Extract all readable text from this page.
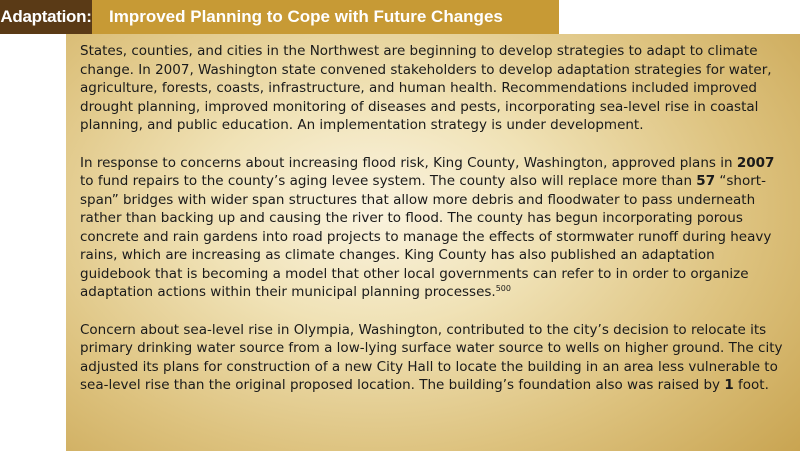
Adaptation:	Improved Planning to Cope with Future Changes

States, counties, and cities in the Northwest are beginning to develop strategies to adapt to climate change. In 2007, Washington state convened stakeholders to develop adaptation strategies for water, agriculture, forests, coasts, infrastructure, and human health. Recommendations included improved drought planning, improved monitoring of diseases and pests, incorporating sea-level rise in coastal planning, and public education. An implementation strategy is under development.

In response to concerns about increasing flood risk, King County, Washington, approved plans in 2007 to fund repairs to the county’s aging levee system. The county also will replace more than 57 “short-span” bridges with wider span structures that allow more debris and floodwater to pass underneath rather than backing up and causing the river to flood. The county has begun incorporating porous concrete and rain gardens into road projects to manage the effects of stormwater runoff during heavy rains, which are increasing as climate changes. King County has also published an adaptation guidebook that is becoming a model that other local governments can refer to in order to organize adaptation actions within their municipal planning processes.$^{500}$

Concern about sea-level rise in Olympia, Washington, contributed to the city’s decision to relocate its primary drinking water source from a low-lying surface water source to wells on higher ground. The city adjusted its plans for construction of a new City Hall to locate the building in an area less vulnerable to sea-level rise than the original proposed location. The building’s foundation also was raised by 1 foot.
